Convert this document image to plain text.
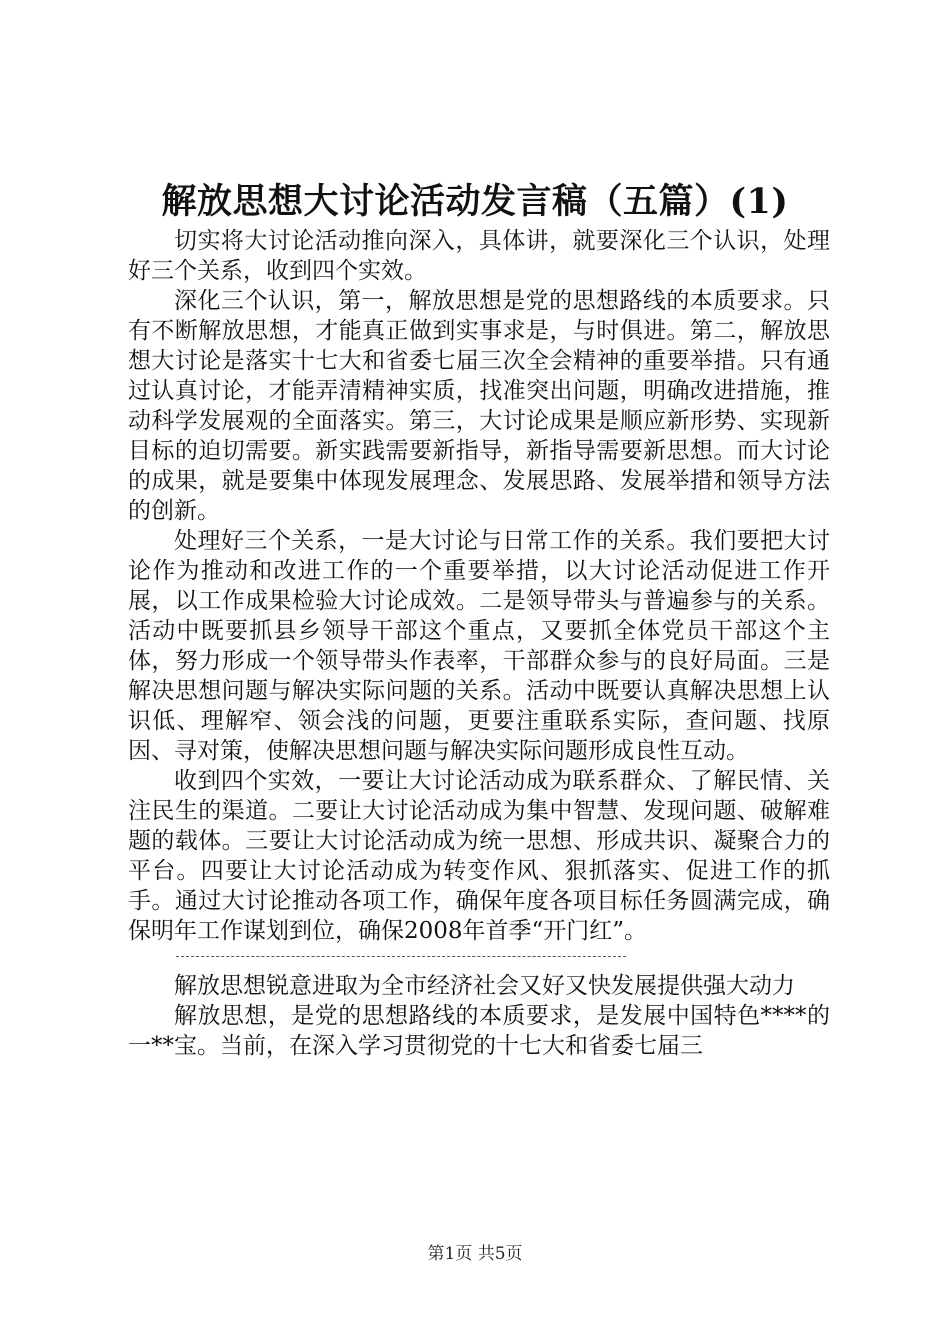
解放思想大讨论活动发言稿（五篇）(1)

切实将大讨论活动推向深入，具体讲，就要深化三个认识，处理好三个关系，收到四个实效。

深化三个认识，第一，解放思想是党的思想路线的本质要求。只有不断解放思想，才能真正做到实事求是，与时俱进。第二，解放思想大讨论是落实十七大和省委七届三次全会精神的重要举措。只有通过认真讨论，才能弄清精神实质，找准突出问题，明确改进措施，推动科学发展观的全面落实。第三，大讨论成果是顺应新形势、实现新目标的迫切需要。新实践需要新指导，新指导需要新思想。而大讨论的成果，就是要集中体现发展理念、发展思路、发展举措和领导方法的创新。

处理好三个关系，一是大讨论与日常工作的关系。我们要把大讨论作为推动和改进工作的一个重要举措，以大讨论活动促进工作开展，以工作成果检验大讨论成效。二是领导带头与普遍参与的关系。活动中既要抓县乡领导干部这个重点，又要抓全体党员干部这个主体，努力形成一个领导带头作表率，干部群众参与的良好局面。三是解决思想问题与解决实际问题的关系。活动中既要认真解决思想上认识低、理解窄、领会浅的问题，更要注重联系实际，查问题、找原因、寻对策，使解决思想问题与解决实际问题形成良性互动。

收到四个实效，一要让大讨论活动成为联系群众、了解民情、关注民生的渠道。二要让大讨论活动成为集中智慧、发现问题、破解难题的载体。三要让大讨论活动成为统一思想、形成共识、凝聚合力的平台。四要让大讨论活动成为转变作风、狠抓落实、促进工作的抓手。通过大讨论推动各项工作，确保年度各项目标任务圆满完成，确保明年工作谋划到位，确保2008年首季“开门红”。

解放思想锐意进取为全市经济社会又好又快发展提供强大动力

解放思想，是党的思想路线的本质要求，是发展中国特色****的一**宝。当前，在深入学习贯彻党的十七大和省委七届三

第1页 共5页
